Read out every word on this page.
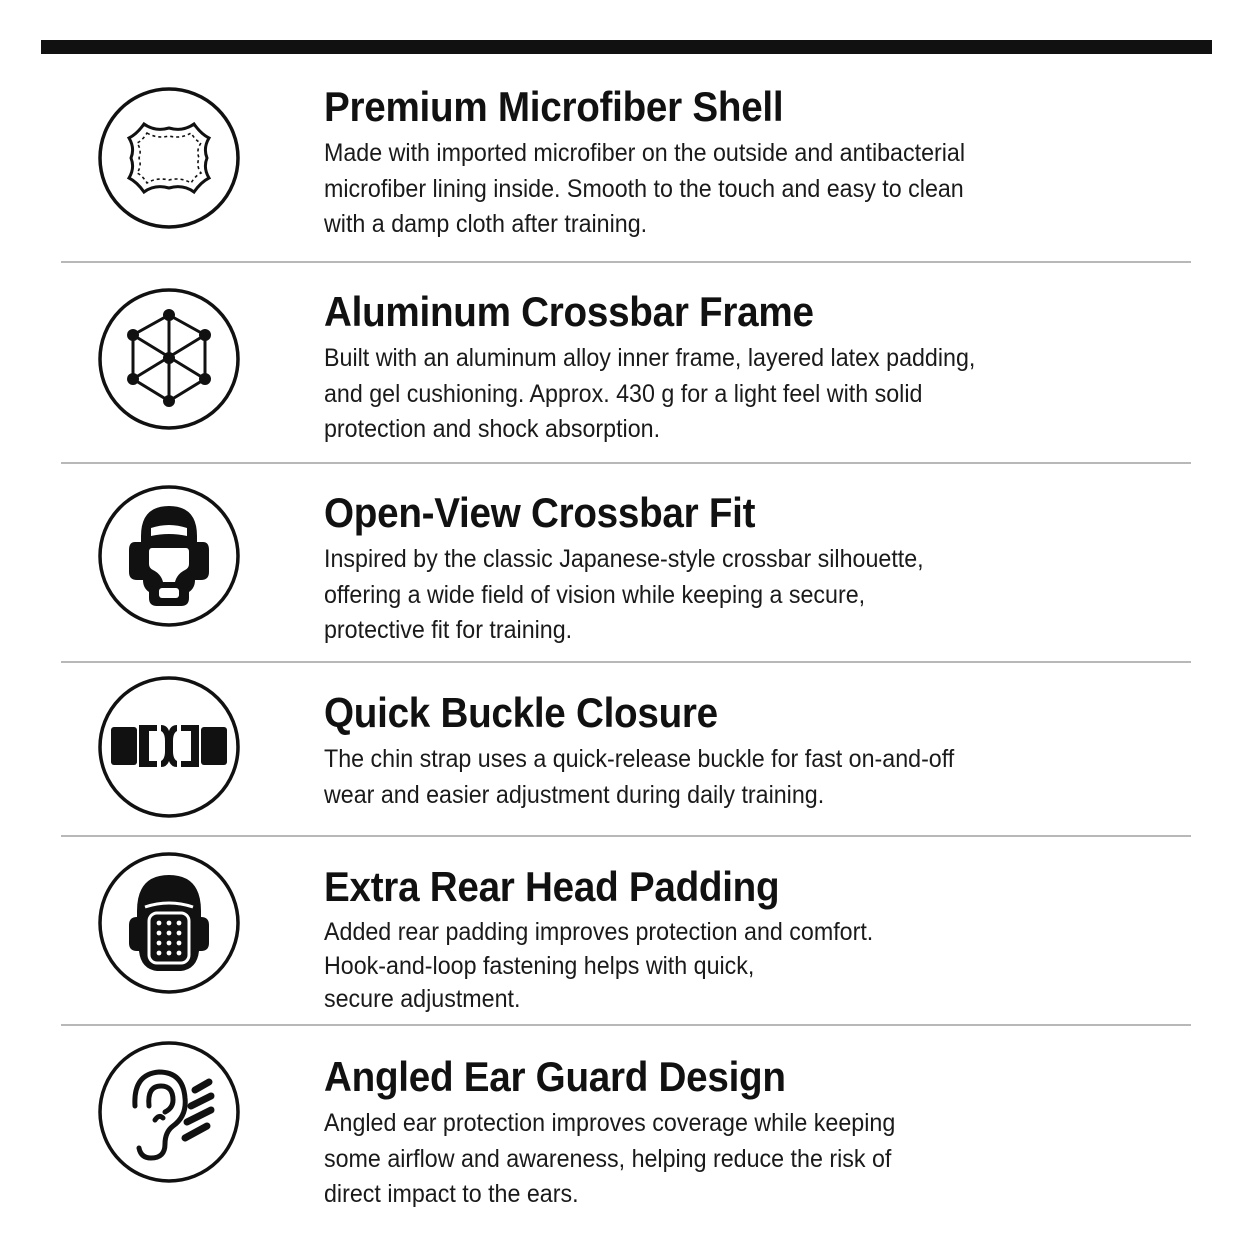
Premium Microfiber Shell
Made with imported microfiber on the outside and antibacterial
microfiber lining inside. Smooth to the touch and easy to clean
with a damp cloth after training.
Aluminum Crossbar Frame
Built with an aluminum alloy inner frame, layered latex padding,
and gel cushioning. Approx. 430 g for a light feel with solid
protection and shock absorption.
Open-View Crossbar Fit
Inspired by the classic Japanese-style crossbar silhouette,
offering a wide field of vision while keeping a secure,
protective fit for training.
Quick Buckle Closure
The chin strap uses a quick-release buckle for fast on-and-off
wear and easier adjustment during daily training.
Extra Rear Head Padding
Added rear padding improves protection and comfort.
Hook-and-loop fastening helps with quick,
secure adjustment.
Angled Ear Guard Design
Angled ear protection improves coverage while keeping
some airflow and awareness, helping reduce the risk of
direct impact to the ears.
